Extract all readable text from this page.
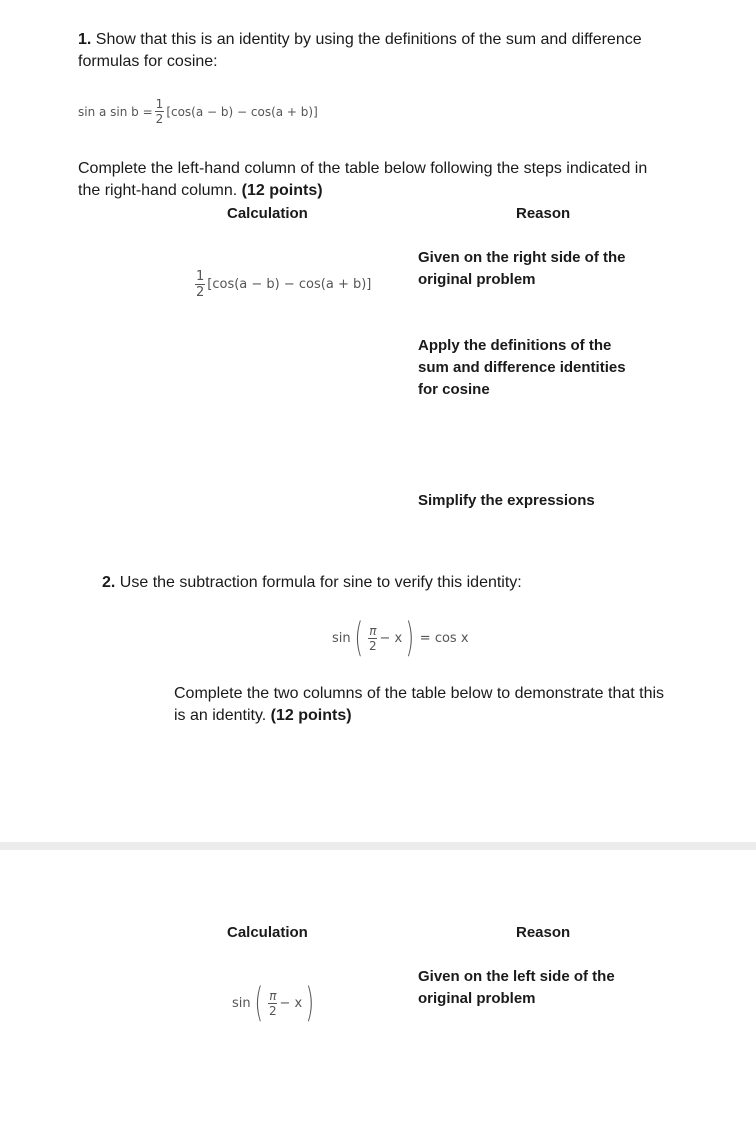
1. Show that this is an identity by using the definitions of the sum and difference
formulas for cosine:
sin a $\sin b = \frac{1}{2} [\cos(a - b) - \cos(a + b)]$
Complete the left-hand column of the table below following the steps indicated in
the right-hand column. (12 points)
Calculation	Reason
$\frac{1}{2} [\cos(a - b) - \cos(a + b)]$
Given on the right side of the
original problem
Apply the definitions of the
sum and difference identities
for cosine
Simplify the expressions
2. Use the subtraction formula for sine to verify this identity:
sin ( $\frac{\pi}{2} - x$ ) = cos x
Complete the two columns of the table below to demonstrate that this
is an identity. (12 points)
Calculation	Reason
sin ( $\frac{\pi}{2} - x$ )
Given on the left side of the
original problem
